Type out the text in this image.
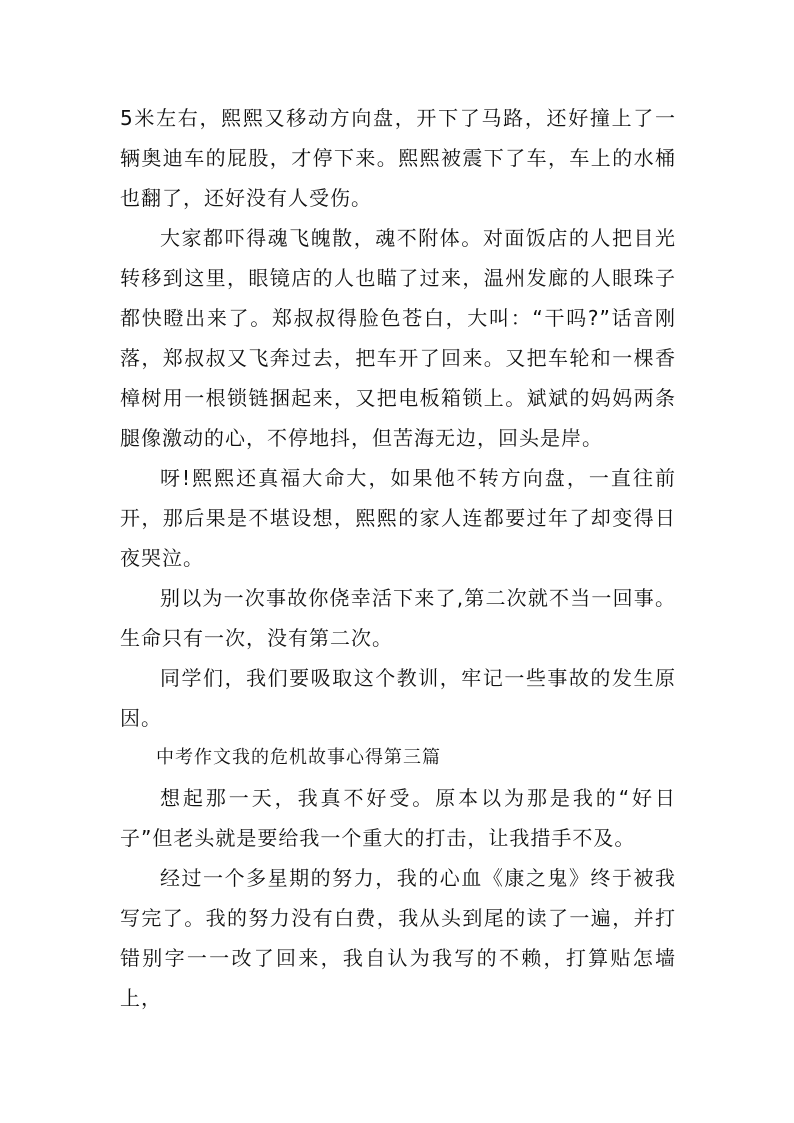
5米左右，熙熙又移动方向盘，开下了马路，还好撞上了一辆奥迪车的屁股，才停下来。熙熙被震下了车，车上的水桶也翻了，还好没有人受伤。

大家都吓得魂飞魄散，魂不附体。对面饭店的人把目光转移到这里，眼镜店的人也瞄了过来，温州发廊的人眼珠子都快瞪出来了。郑叔叔得脸色苍白，大叫：“干吗?”话音刚落，郑叔叔又飞奔过去，把车开了回来。又把车轮和一棵香樟树用一根锁链捆起来，又把电板箱锁上。斌斌的妈妈两条腿像激动的心，不停地抖，但苦海无边，回头是岸。

呀!熙熙还真福大命大，如果他不转方向盘，一直往前开，那后果是不堪设想，熙熙的家人连都要过年了却变得日夜哭泣。

别以为一次事故你侥幸活下来了,第二次就不当一回事。生命只有一次，没有第二次。

同学们，我们要吸取这个教训，牢记一些事故的发生原因。

中考作文我的危机故事心得第三篇

想起那一天，我真不好受。原本以为那是我的“好日子”但老头就是要给我一个重大的打击，让我措手不及。

经过一个多星期的努力，我的心血《康之鬼》终于被我写完了。我的努力没有白费，我从头到尾的读了一遍，并打错别字一一改了回来，我自认为我写的不赖，打算贴怎墙上，
